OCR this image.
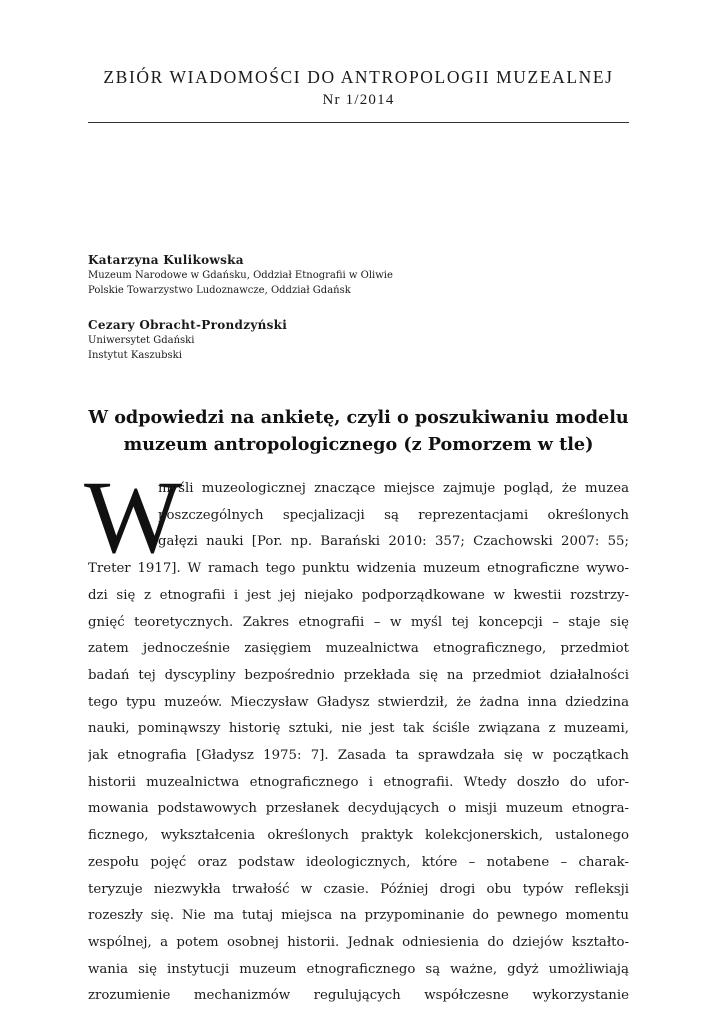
ZBIÓR WIADOMOŚCI DO ANTROPOLOGII MUZEALNEJ
Nr 1/2014
Katarzyna Kulikowska
Muzeum Narodowe w Gdańsku, Oddział Etnografii w Oliwie
Polskie Towarzystwo Ludoznawcze, Oddział Gdańsk
Cezary Obracht-Prondzyński
Uniwersytet Gdański
Instytut Kaszubski
W odpowiedzi na ankietę, czyli o poszukiwaniu modelu
muzeum antropologicznego (z Pomorzem w tle)
W
myśli muzeologicznej znaczące miejsce zajmuje pogląd, że muzea
poszczególnych specjalizacji są reprezentacjami określonych
gałęzi nauki [Por. np. Barański 2010: 357; Czachowski 2007: 55;
Treter 1917]. W ramach tego punktu widzenia muzeum etnograficzne wywo-
dzi się z etnografii i jest jej niejako podporządkowane w kwestii rozstrzy-
gnięć teoretycznych. Zakres etnografii – w myśl tej koncepcji – staje się
zatem jednocześnie zasięgiem muzealnictwa etnograficznego, przedmiot
badań tej dyscypliny bezpośrednio przekłada się na przedmiot działalności
tego typu muzeów. Mieczysław Gładysz stwierdził, że żadna inna dziedzina
nauki, pominąwszy historię sztuki, nie jest tak ściśle związana z muzeami,
jak etnografia [Gładysz 1975: 7]. Zasada ta sprawdzała się w początkach
historii muzealnictwa etnograficznego i etnografii. Wtedy doszło do ufor-
mowania podstawowych przesłanek decydujących o misji muzeum etnogra-
ficznego, wykształcenia określonych praktyk kolekcjonerskich, ustalonego
zespołu pojęć oraz podstaw ideologicznych, które – notabene – charak-
teryzuje niezwykła trwałość w czasie. Później drogi obu typów refleksji
rozeszły się. Nie ma tutaj miejsca na przypominanie do pewnego momentu
wspólnej, a potem osobnej historii. Jednak odniesienia do dziejów kształto-
wania się instytucji muzeum etnograficznego są ważne, gdyż umożliwiają
zrozumienie mechanizmów regulujących współczesne wykorzystanie
